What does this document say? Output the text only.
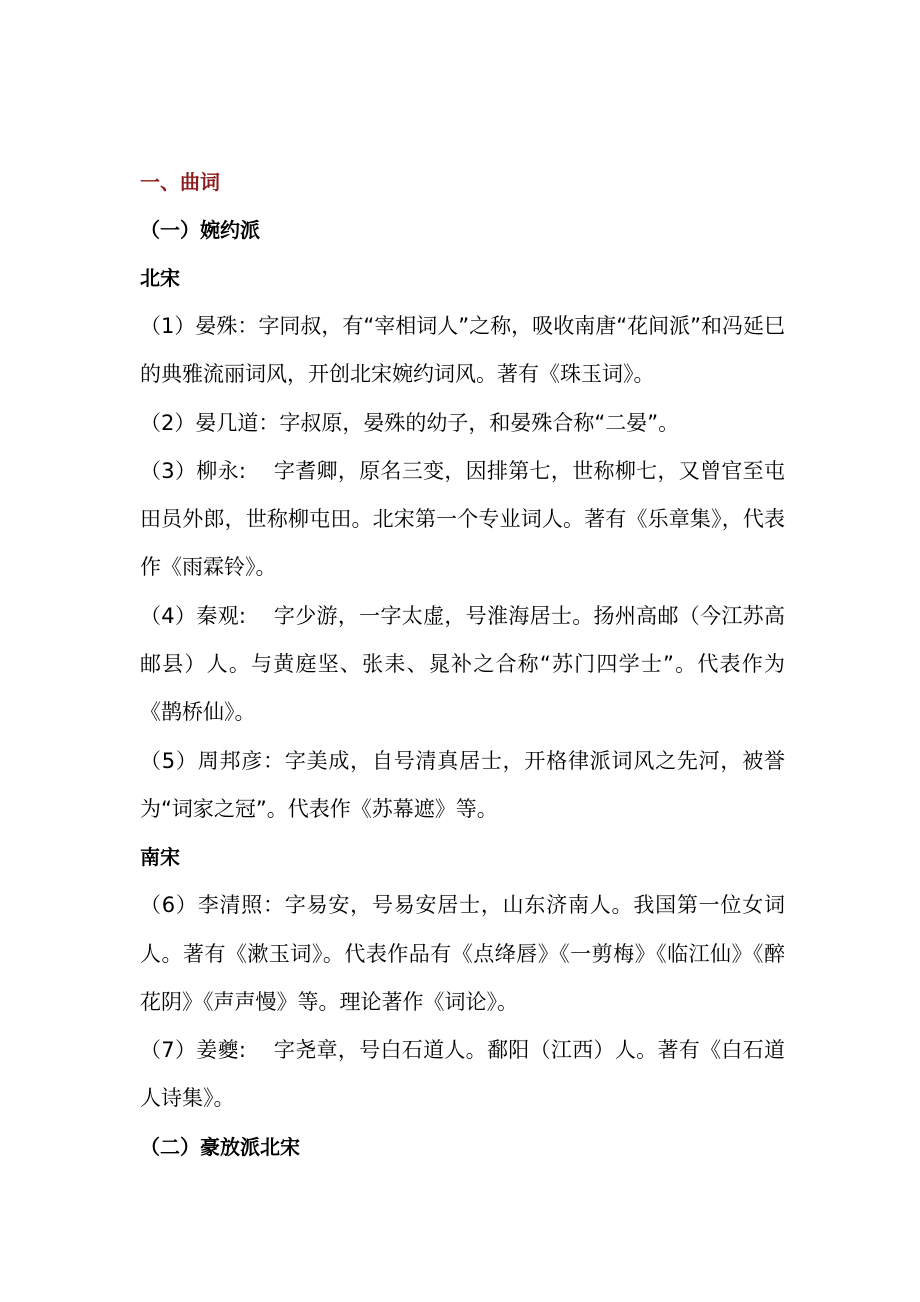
一、曲词
（一）婉约派
北宋

（1）晏殊：字同叔，有“宰相词人”之称，吸收南唐“花间派”和冯延巳的典雅流丽词风，开创北宋婉约词风。著有《珠玉词》。

（2）晏几道：字叔原，晏殊的幼子，和晏殊合称“二晏”。

（3）柳永:    字耆卿，原名三变，因排第七，世称柳七，又曾官至屯田员外郎，世称柳屯田。北宋第一个专业词人。著有《乐章集》，代表作《雨霖铃》。

（4）秦观:    字少游，一字太虚，号淮海居士。扬州高邮（今江苏高邮县）人。与黄庭坚、张耒、晁补之合称“苏门四学士”。代表作为《鹊桥仙》。

（5）周邦彦：字美成，自号清真居士，开格律派词风之先河，被誉为“词家之冠”。代表作《苏幕遮》等。

南宋

（6）李清照：字易安，号易安居士，山东济南人。我国第一位女词人。著有《漱玉词》。代表作品有《点绛唇》《一剪梅》《临江仙》《醉花阴》《声声慢》等。理论著作《词论》。

（7）姜夔:    字尧章，号白石道人。鄱阳（江西）人。著有《白石道人诗集》。

（二）豪放派北宋
